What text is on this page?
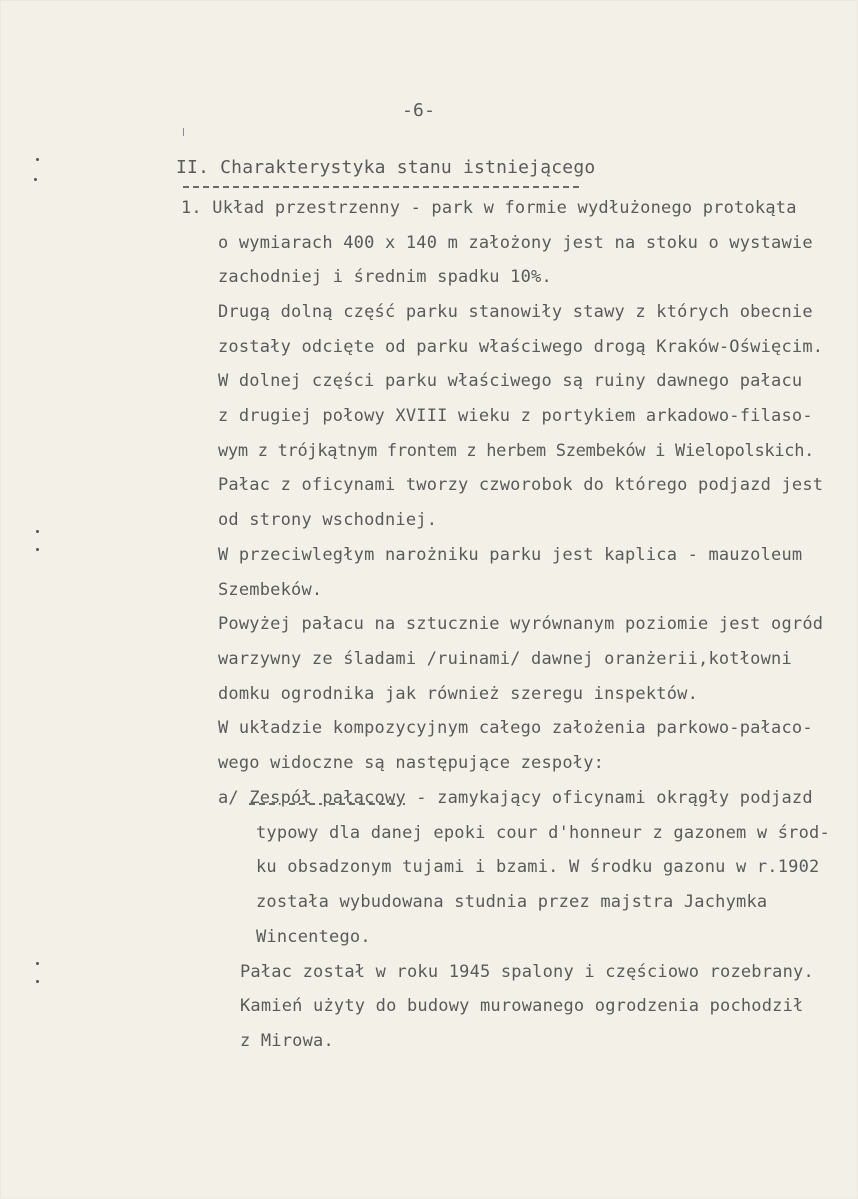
-6-
II. Charakterystyka stanu istniejącego
1. Układ przestrzenny - park w formie wydłużonego protokąta
o wymiarach 400 x 140 m założony jest na stoku o wystawie
zachodniej i średnim spadku 10%.
Drugą dolną część parku stanowiły stawy z których obecnie
zostały odcięte od parku właściwego drogą Kraków-Oświęcim.
W dolnej części parku właściwego są ruiny dawnego pałacu
z drugiej połowy XVIII wieku z portykiem arkadowo-filaso-
wym z trójkątnym frontem z herbem Szembeków i Wielopolskich.
Pałac z oficynami tworzy czworobok do którego podjazd jest
od strony wschodniej.
W przeciwległym narożniku parku jest kaplica - mauzoleum
Szembeków.
Powyżej pałacu na sztucznie wyrównanym poziomie jest ogród
warzywny ze śladami /ruinami/ dawnej oranżerii,kotłowni
domku ogrodnika jak również szeregu inspektów.
W układzie kompozycyjnym całego założenia parkowo-pałaco-
wego widoczne są następujące zespoły:
a/ Zespół pałacowy - zamykający oficynami okrągły podjazd
typowy dla danej epoki cour d'honneur z gazonem w środ-
ku obsadzonym tujami i bzami. W środku gazonu w r.1902
została wybudowana studnia przez majstra Jachymka
Wincentego.
Pałac został w roku 1945 spalony i częściowo rozebrany.
Kamień użyty do budowy murowanego ogrodzenia pochodził
z Mirowa.
